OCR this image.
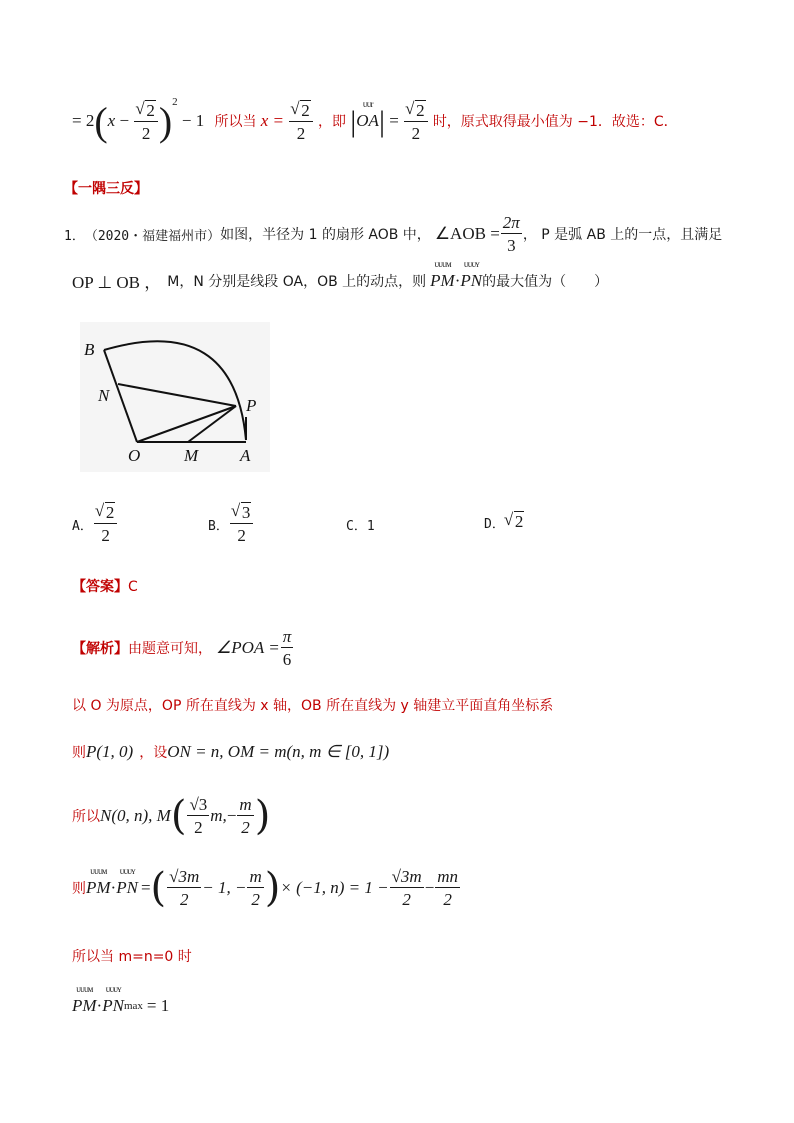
= 2(x − √ $\frac{2}{2} )^2 - 1$ 所以当 x = √ $\frac{2}{2}$ ，即 |
ᴜᴜr
OA| = √ $\frac{2}{2}$ 时，原式取得最小值为 −1．故选：C．
【一隅三反】
1． （2020・福建福州市） 如图，半径为 1 的扇形 AOB 中， ∠AOB = $\frac{2\pi}{3}$ ， P 是弧 AB 上的一点，且满足
OP ⊥ OB ， M，N 分别是线段 OA，OB 上的动点，则
ᴜᴜᴜᴍ
PM ·
ᴜᴜᴜʏ
PN 的最大值为（　　）
B
N
P
O	M A
A． √ $\frac{2}{2}$	B． √ $\frac{3}{2}$	C．1	D． √ 2
【答案】C
【解析】 由题意可知， ∠POA = $\frac{\pi}{6}$
以 O 为原点，OP 所在直线为 x 轴，OB 所在直线为 y 轴建立平面直角坐标系
则 P(1, 0) ，设 ON = n, OM = m (n, m ∈ [0, 1])
所以 N(0, n), M ( $\frac{√3}{2} m$, − $\frac{m}{2}$ )
则
ᴜᴜᴜᴍ
PM ·
ᴜᴜᴜʏ
PN = ( $\frac{√3m}{2} - 1$, − $\frac{m}{2}$ ) × (−1, $n) = 1 - \frac{√3m}{2} - \frac{mn}{2}$
所以当 m=n=0 时
ᴜᴜᴜᴍ
PM ·
ᴜᴜᴜʏ
PN max = 1
